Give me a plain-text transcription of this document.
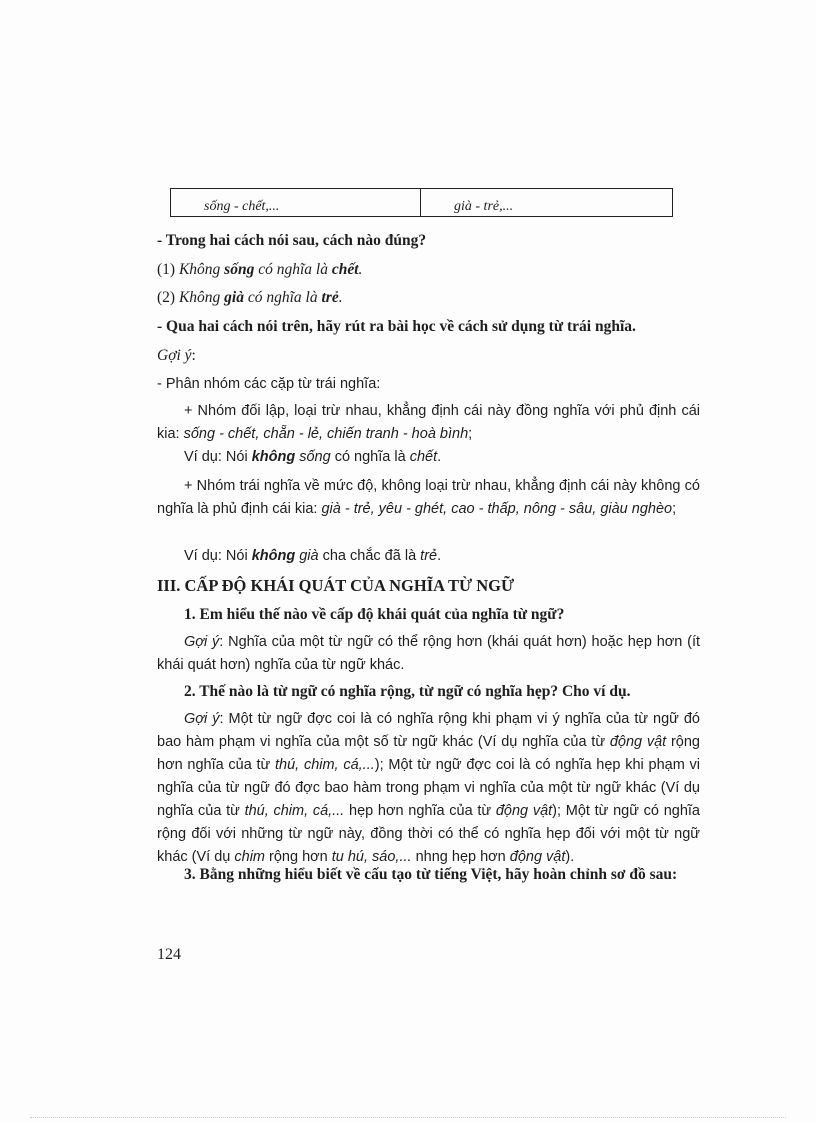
sống - chết,...	già - trẻ,...
- Trong hai cách nói sau, cách nào đúng?
(1) Không sống có nghĩa là chết.
(2) Không già có nghĩa là trẻ.
- Qua hai cách nói trên, hãy rút ra bài học về cách sử dụng từ trái nghĩa.
Gợi ý:
- Phân nhóm các cặp từ trái nghĩa:
+ Nhóm đối lập, loại trừ nhau, khẳng định cái này đồng nghĩa với phủ định cái kia: sống - chết, chẵn - lẻ, chiến tranh - hoà bình;
Ví dụ: Nói không sống có nghĩa là chết.
+ Nhóm trái nghĩa về mức độ, không loại trừ nhau, khẳng định cái này không có nghĩa là phủ định cái kia: già - trẻ, yêu - ghét, cao - thấp, nông - sâu, giàu nghèo;
Ví dụ: Nói không già cha chắc đã là trẻ.
III. CẤP ĐỘ KHÁI QUÁT CỦA NGHĨA TỪ NGỮ
1. Em hiểu thế nào về cấp độ khái quát của nghĩa từ ngữ?
Gợi ý: Nghĩa của một từ ngữ có thể rộng hơn (khái quát hơn) hoặc hẹp hơn (ít khái quát hơn) nghĩa của từ ngữ khác.
2. Thế nào là từ ngữ có nghĩa rộng, từ ngữ có nghĩa hẹp? Cho ví dụ.
Gợi ý: Một từ ngữ đợc coi là có nghĩa rộng khi phạm vi ý nghĩa của từ ngữ đó bao hàm phạm vi nghĩa của một số từ ngữ khác (Ví dụ nghĩa của từ động vật rộng hơn nghĩa của từ thú, chim, cá,...); Một từ ngữ đợc coi là có nghĩa hẹp khi phạm vi nghĩa của từ ngữ đó đợc bao hàm trong phạm vi nghĩa của một từ ngữ khác (Ví dụ nghĩa của từ thú, chim, cá,... hẹp hơn nghĩa của từ động vật); Một từ ngữ có nghĩa rộng đối với những từ ngữ này, đồng thời có thể có nghĩa hẹp đối với một từ ngữ khác (Ví dụ chim rộng hơn tu hú, sáo,... nhng hẹp hơn động vật).
3. Bằng những hiểu biết về cấu tạo từ tiếng Việt, hãy hoàn chỉnh sơ đồ sau:
124
